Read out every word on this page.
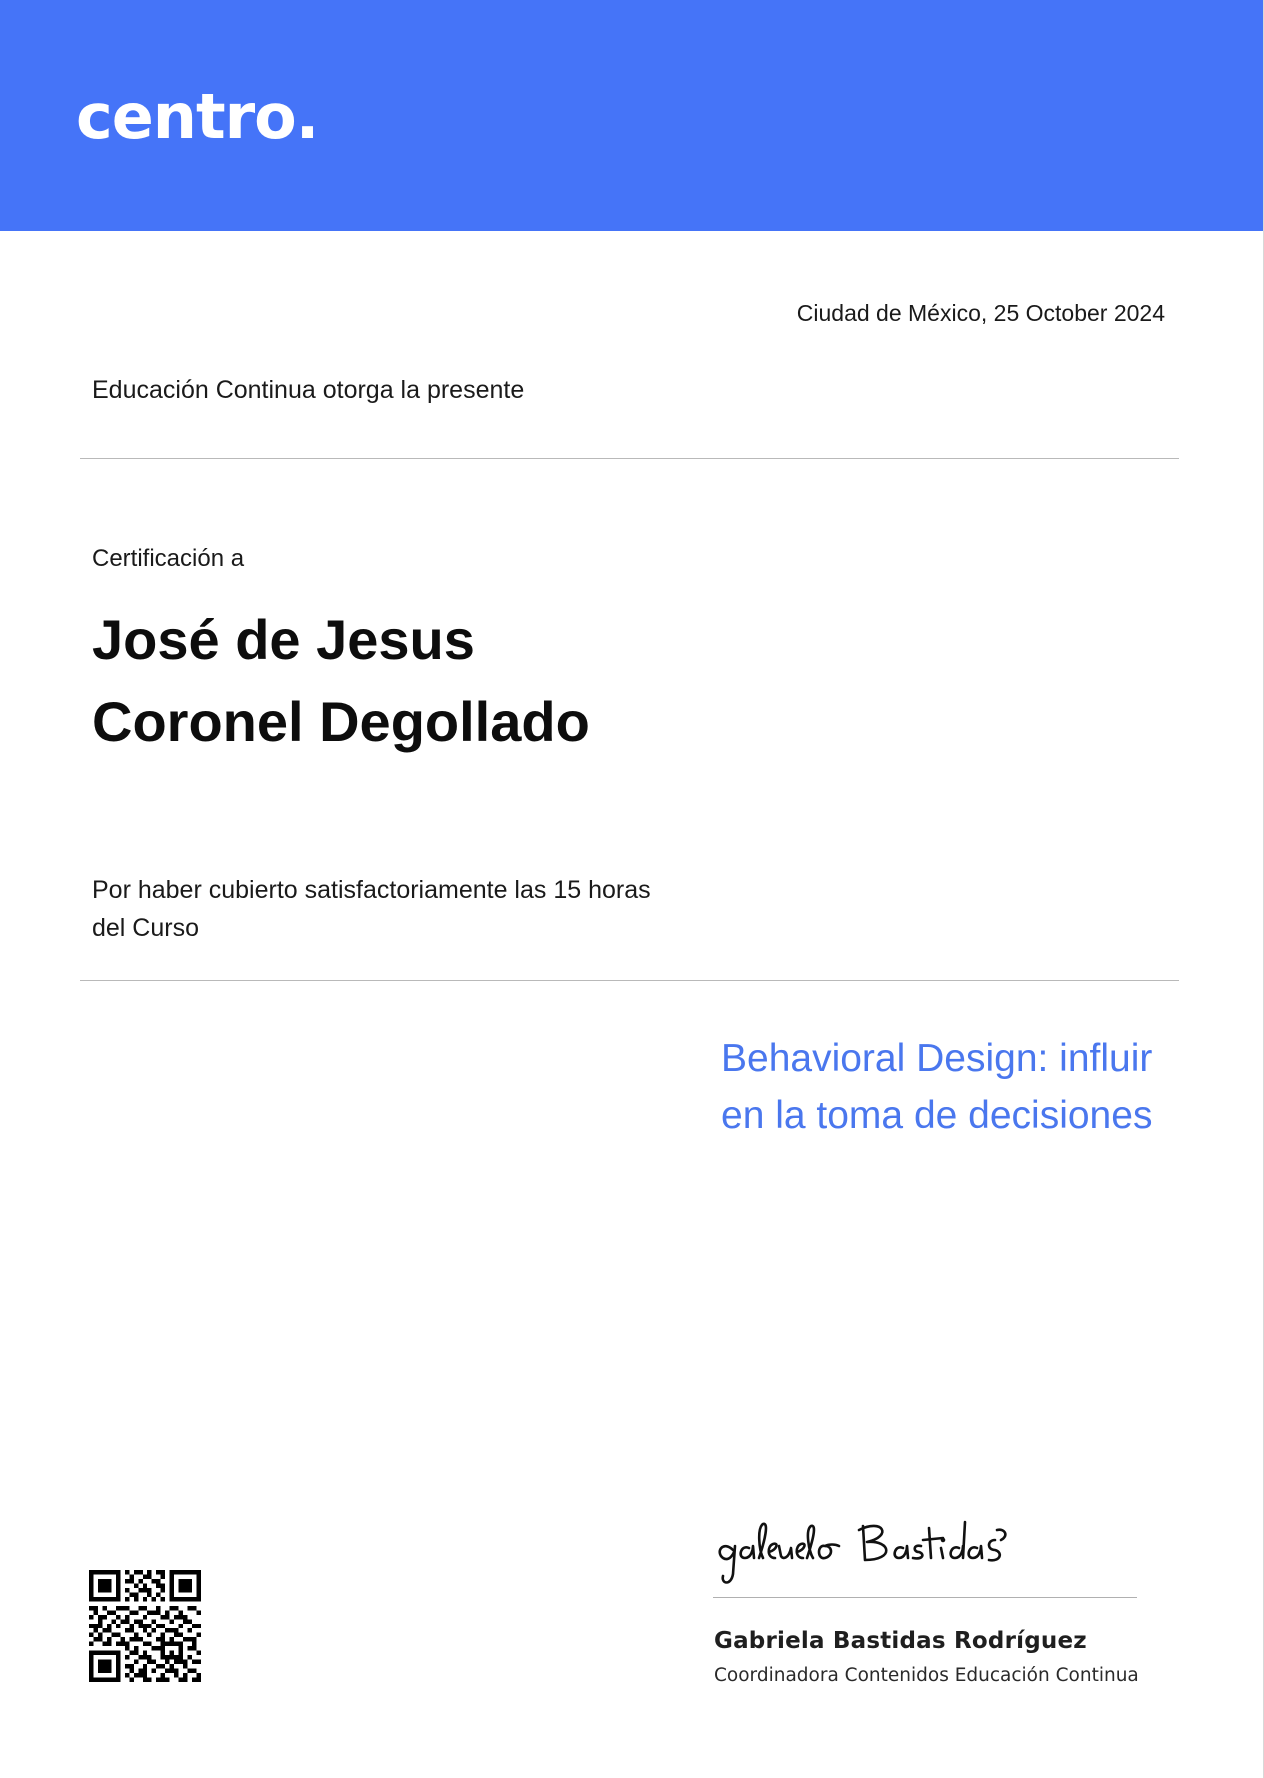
centro.
Ciudad de México, 25 October 2024
Educación Continua otorga la presente
Certificación a
José de Jesus
Coronel Degollado
Por haber cubierto satisfactoriamente las 15 horas del Curso
Behavioral Design: influir
en la toma de decisiones
Gabriela Bastidas Rodríguez
Coordinadora Contenidos Educación Continua
